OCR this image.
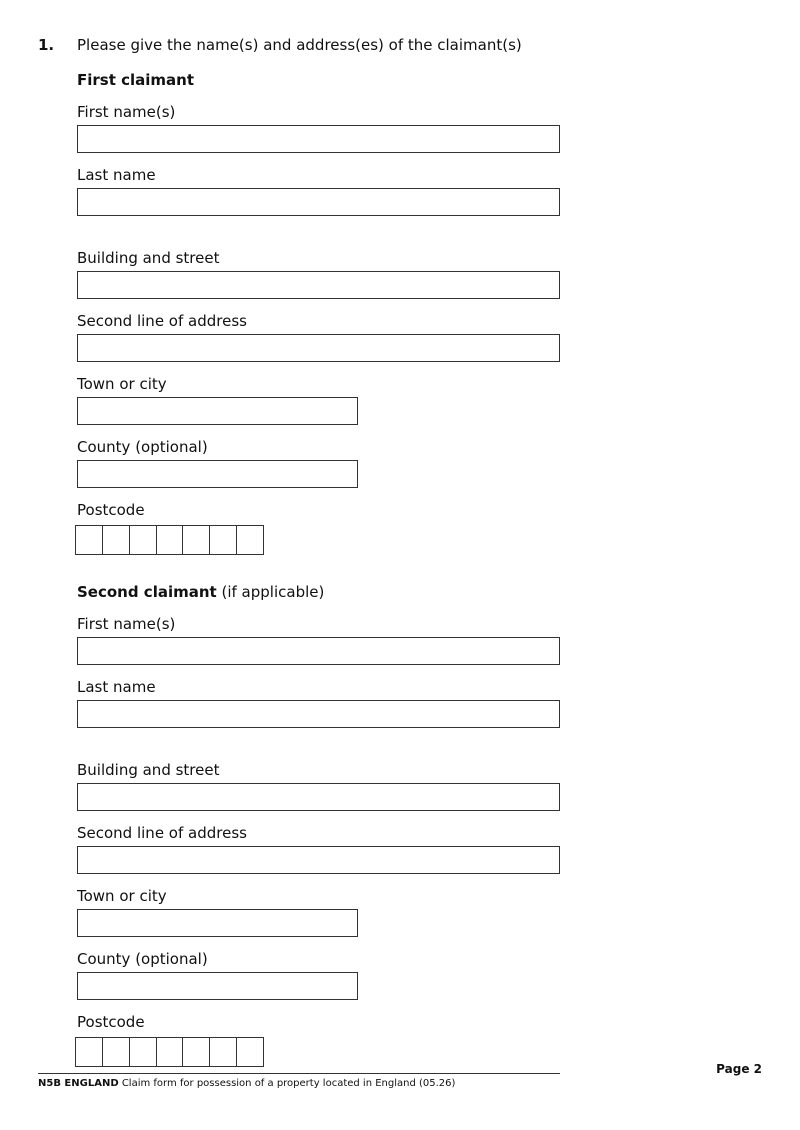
1. Please give the name(s) and address(es) of the claimant(s)
First claimant
First name(s)
Last name
Building and street
Second line of address
Town or city
County (optional)
Postcode
Second claimant (if applicable)
First name(s)
Last name
Building and street
Second line of address
Town or city
County (optional)
Postcode
N5B ENGLAND Claim form for possession of a property located in England (05.26)
Page 2
